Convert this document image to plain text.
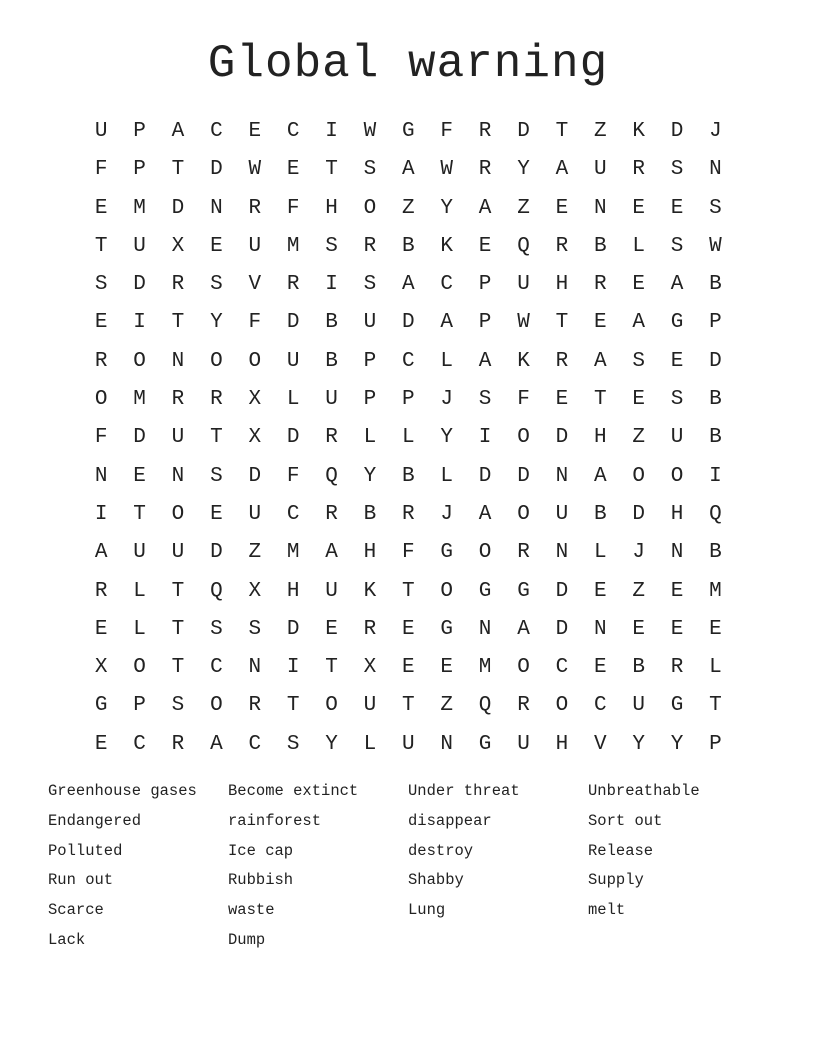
Global warning
U	P	A	C	E	C	I	W	G	F	R	D	T	Z	K	D	J
F	P	T	D	W	E	T	S	A	W	R	Y	A	U	R	S	N
E	M	D	N	R	F	H	O	Z	Y	A	Z	E	N	E	E	S
T	U	X	E	U	M	S	R	B	K	E	Q	R	B	L	S	W
S	D	R	S	V	R	I	S	A	C	P	U	H	R	E	A	B
E	I	T	Y	F	D	B	U	D	A	P	W	T	E	A	G	P
R	O	N	O	O	U	B	P	C	L	A	K	R	A	S	E	D
O	M	R	R	X	L	U	P	P	J	S	F	E	T	E	S	B
F	D	U	T	X	D	R	L	L	Y	I	O	D	H	Z	U	B
N	E	N	S	D	F	Q	Y	B	L	D	D	N	A	O	O	I
I	T	O	E	U	C	R	B	R	J	A	O	U	B	D	H	Q
A	U	U	D	Z	M	A	H	F	G	O	R	N	L	J	N	B
R	L	T	Q	X	H	U	K	T	O	G	G	D	E	Z	E	M
E	L	T	S	S	D	E	R	E	G	N	A	D	N	E	E	E
X	O	T	C	N	I	T	X	E	E	M	O	C	E	B	R	L
G	P	S	O	R	T	O	U	T	Z	Q	R	O	C	U	G	T
E	C	R	A	C	S	Y	L	U	N	G	U	H	V	Y	Y	P
Greenhouse gases	Become extinct	Under threat	Unbreathable
Endangered	rainforest	disappear	Sort out
Polluted	Ice cap	destroy	Release
Run out	Rubbish	Shabby	Supply
Scarce	waste	Lung	melt
Lack	Dump
